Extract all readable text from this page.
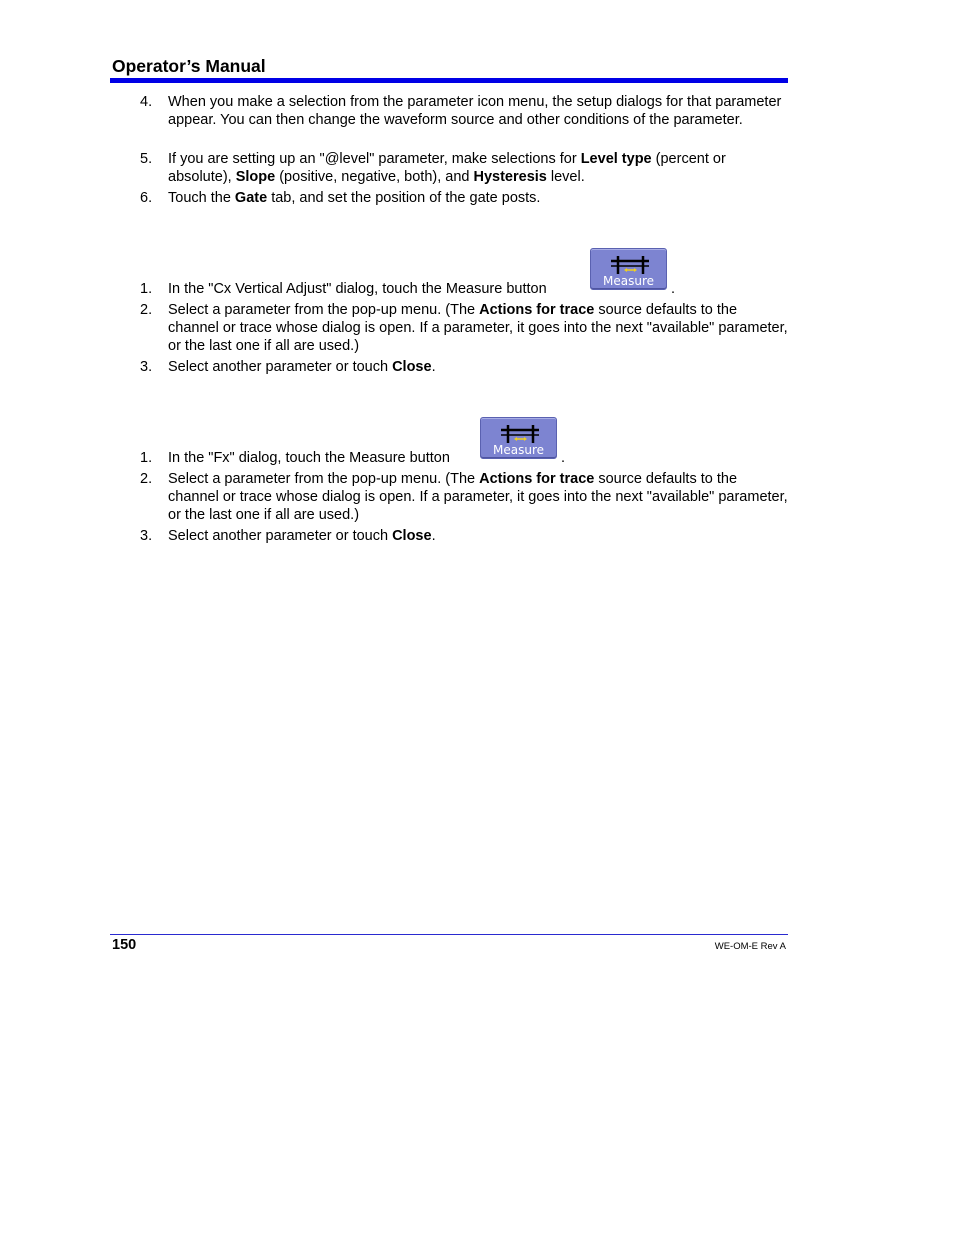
Operator’s Manual
4.	When you make a selection from the parameter icon menu, the setup dialogs for that parameter appear. You can then change the waveform source and other conditions of the parameter.
5.	If you are setting up an "@level" parameter, make selections for Level type (percent or absolute), Slope (positive, negative, both), and Hysteresis level.
6.	Touch the Gate tab, and set the position of the gate posts.
Measure	.
1.	In the "Cx Vertical Adjust" dialog, touch the Measure button
2.	Select a parameter from the pop-up menu. (The Actions for trace source defaults to the channel or trace whose dialog is open. If a parameter, it goes into the next "available" parameter, or the last one if all are used.)
3.	Select another parameter or touch Close.
Measure	.
1.	In the "Fx" dialog, touch the Measure button
2.	Select a parameter from the pop-up menu. (The Actions for trace source defaults to the channel or trace whose dialog is open. If a parameter, it goes into the next "available" parameter, or the last one if all are used.)
3.	Select another parameter or touch Close.
150	WE-OM-E Rev A
